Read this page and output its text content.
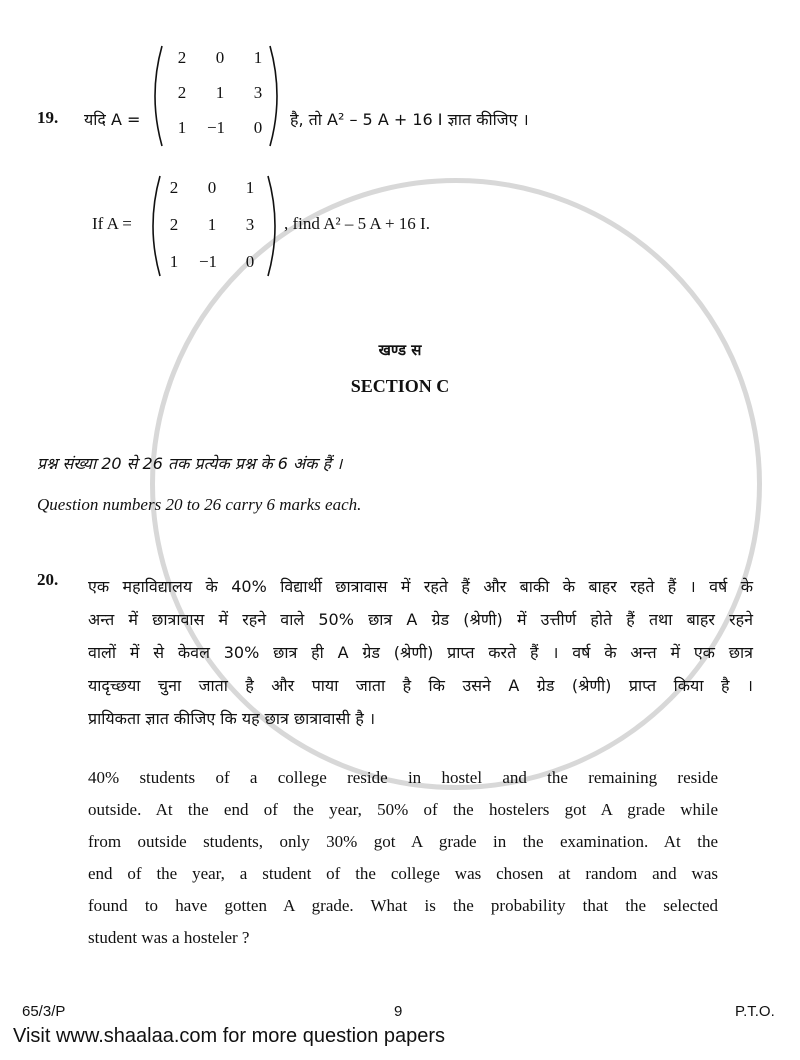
19. यदि A =
2	0	1
2	1	3
1	−1	0	है, तो A² – 5 A + 16 I ज्ञात कीजिए ।
If A =
2	0	1
2	1	3
1	−1	0
, find A² – 5 A + 16 I.
खण्ड स
SECTION C
प्रश्न संख्या 20 से 26 तक प्रत्येक प्रश्न के 6 अंक हैं ।
Question numbers 20 to 26 carry 6 marks each.
20. एक महाविद्यालय के 40% विद्यार्थी छात्रावास में रहते हैं और बाकी के बाहर रहते हैं । वर्ष के
अन्त में छात्रावास में रहने वाले 50% छात्र A ग्रेड (श्रेणी) में उत्तीर्ण होते हैं तथा बाहर रहने
वालों में से केवल 30% छात्र ही A ग्रेड (श्रेणी) प्राप्त करते हैं । वर्ष के अन्त में एक छात्र
यादृच्छया चुना जाता है और पाया जाता है कि उसने A ग्रेड (श्रेणी) प्राप्त किया है ।
प्रायिकता ज्ञात कीजिए कि यह छात्र छात्रावासी है ।
40% students of a college reside in hostel and the remaining reside
outside. At the end of the year, 50% of the hostelers got A grade while
from outside students, only 30% got A grade in the examination. At the
end of the year, a student of the college was chosen at random and was
found to have gotten A grade. What is the probability that the selected
student was a hosteler ?
65/3/P	9	P.T.O.
Visit www.shaalaa.com for more question papers
